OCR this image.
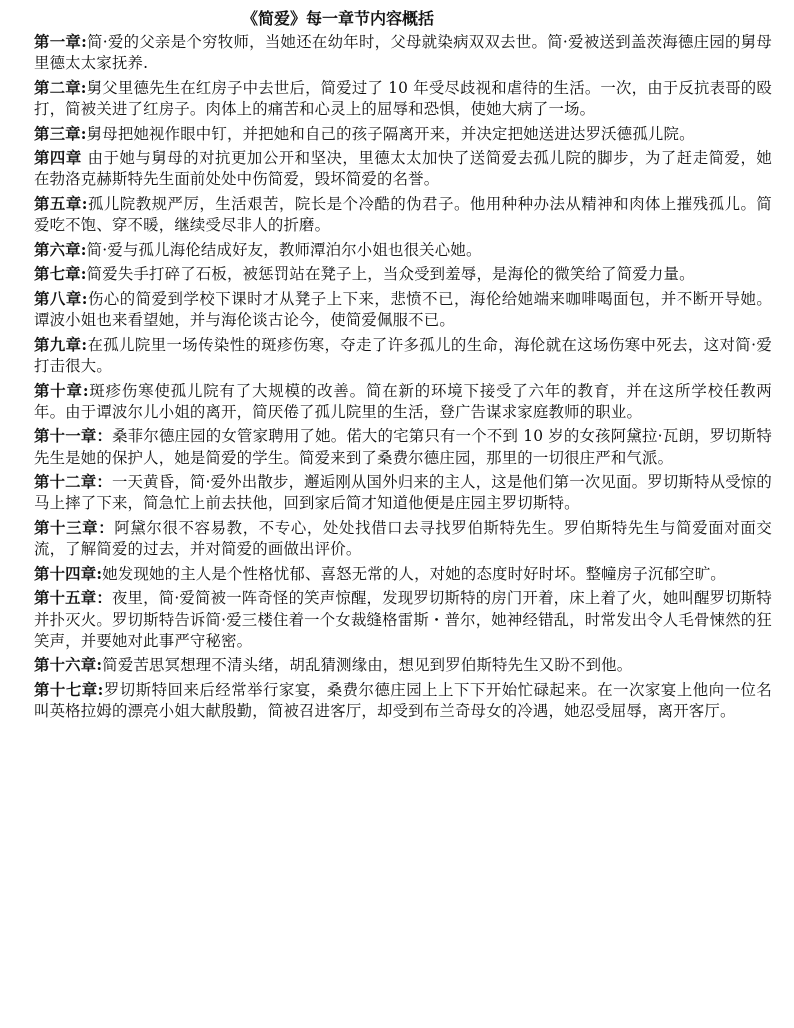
《简爱》每一章节内容概括
第一章:简·爱的父亲是个穷牧师，当她还在幼年时，父母就染病双双去世。简·爱被送到盖茨海德庄园的舅母里德太太家抚养.
第二章:舅父里德先生在红房子中去世后，简爱过了 10 年受尽歧视和虐待的生活。一次，由于反抗表哥的殴打，简被关进了红房子。肉体上的痛苦和心灵上的屈辱和恐惧，使她大病了一场。
第三章:舅母把她视作眼中钉，并把她和自己的孩子隔离开来，并决定把她送进达罗沃德孤儿院。
第四章 由于她与舅母的对抗更加公开和坚决，里德太太加快了送简爱去孤儿院的脚步，为了赶走简爱，她在勃洛克赫斯特先生面前处处中伤简爱，毁坏简爱的名誉。
第五章:孤儿院教规严厉，生活艰苦，院长是个冷酷的伪君子。他用种种办法从精神和肉体上摧残孤儿。简爱吃不饱、穿不暖，继续受尽非人的折磨。
第六章:简·爱与孤儿海伦结成好友，教师潭泊尔小姐也很关心她。
第七章:简爱失手打碎了石板，被惩罚站在凳子上，当众受到羞辱，是海伦的微笑给了简爱力量。
第八章:伤心的简爱到学校下课时才从凳子上下来，悲愤不已，海伦给她端来咖啡喝面包，并不断开导她。谭波小姐也来看望她，并与海伦谈古论今，使简爱佩服不已。
第九章:在孤儿院里一场传染性的斑疹伤寒，夺走了许多孤儿的生命，海伦就在这场伤寒中死去，这对简·爱 打击很大。
第十章:斑疹伤寒使孤儿院有了大规模的改善。简在新的环境下接受了六年的教育，并在这所学校任教两年。由于谭波尔儿小姐的离开，简厌倦了孤儿院里的生活，登广告谋求家庭教师的职业。
第十一章：桑菲尔德庄园的女管家聘用了她。偌大的宅第只有一个不到 10 岁的女孩阿黛拉·瓦朗，罗切斯特先生是她的保护人，她是简爱的学生。简爱来到了桑费尔德庄园，那里的一切很庄严和气派。
第十二章：一天黄昏，简·爱外出散步，邂逅刚从国外归来的主人，这是他们第一次见面。罗切斯特从受惊的马上摔了下来，简急忙上前去扶他，回到家后简才知道他便是庄园主罗切斯特。
第十三章：阿黛尔很不容易教，不专心，处处找借口去寻找罗伯斯特先生。罗伯斯特先生与简爱面对面交流，了解简爱的过去，并对简爱的画做出评价。
第十四章:她发现她的主人是个性格忧郁、喜怒无常的人，对她的态度时好时坏。整幢房子沉郁空旷。
第十五章：夜里，简·爱简被一阵奇怪的笑声惊醒，发现罗切斯特的房门开着，床上着了火，她叫醒罗切斯特并扑灭火。罗切斯特告诉简·爱三楼住着一个女裁缝格雷斯・普尔，她神经错乱，时常发出令人毛骨悚然的狂笑声，并要她对此事严守秘密。
第十六章:简爱苦思冥想理不清头绪，胡乱猜测缘由，想见到罗伯斯特先生又盼不到他。
第十七章:罗切斯特回来后经常举行家宴，桑费尔德庄园上上下下开始忙碌起来。在一次家宴上他向一位名叫英格拉姆的漂亮小姐大献殷勤，简被召进客厅，却受到布兰奇母女的冷遇，她忍受屈辱，离开客厅。
